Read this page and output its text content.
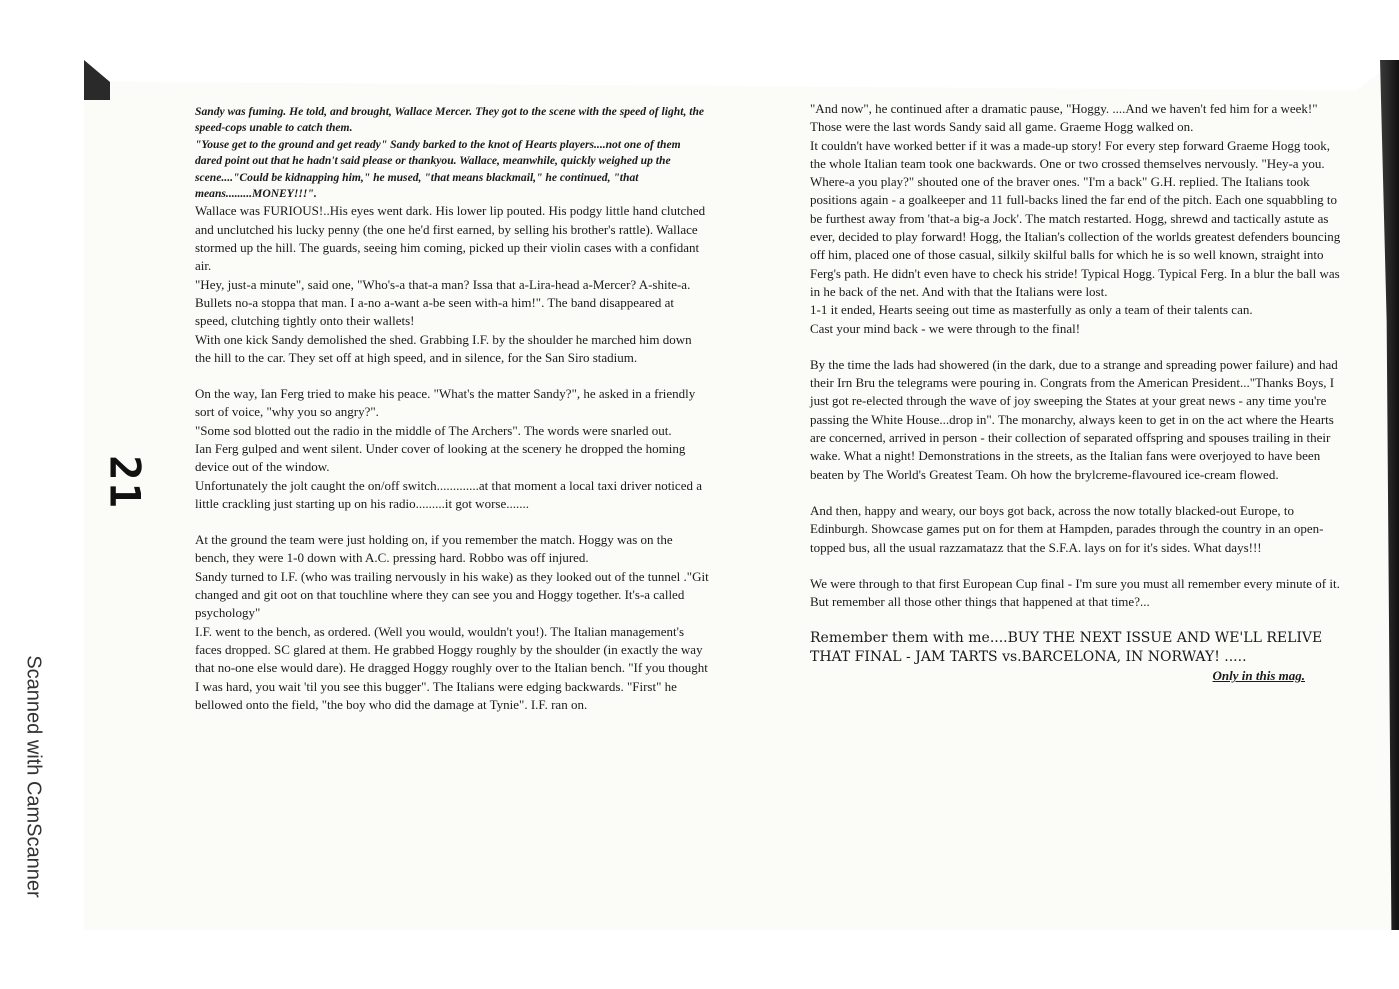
Scanned with CamScanner
21

Sandy was fuming. He told, and brought, Wallace Mercer. They got to the scene with the speed of light, the speed-cops unable to catch them.

"Youse get to the ground and get ready" Sandy barked to the knot of Hearts players....not one of them dared point out that he hadn't said please or thankyou. Wallace, meanwhile, quickly weighed up the scene...."Could be kidnapping him," he mused, "that means blackmail," he continued, "that means.........MONEY!!!".

Wallace was FURIOUS!..His eyes went dark. His lower lip pouted. His podgy little hand clutched and unclutched his lucky penny (the one he'd first earned, by selling his brother's rattle). Wallace stormed up the hill. The guards, seeing him coming, picked up their violin cases with a confidant air.

"Hey, just-a minute", said one, "Who's-a that-a man? Issa that a-Lira-head a-Mercer? A-shite-a. Bullets no-a stoppa that man. I a-no a-want a-be seen with-a him!". The band disappeared at speed, clutching tightly onto their wallets!

With one kick Sandy demolished the shed. Grabbing I.F. by the shoulder he marched him down the hill to the car. They set off at high speed, and in silence, for the San Siro stadium.

On the way, Ian Ferg tried to make his peace. "What's the matter Sandy?", he asked in a friendly sort of voice, "why you so angry?".

"Some sod blotted out the radio in the middle of The Archers". The words were snarled out.

Ian Ferg gulped and went silent. Under cover of looking at the scenery he dropped the homing device out of the window.

Unfortunately the jolt caught the on/off switch.............at that moment a local taxi driver noticed a little crackling just starting up on his radio.........it got worse.......

At the ground the team were just holding on, if you remember the match. Hoggy was on the bench, they were 1-0 down with A.C. pressing hard. Robbo was off injured.

Sandy turned to I.F. (who was trailing nervously in his wake) as they looked out of the tunnel ."Git changed and git oot on that touchline where they can see you and Hoggy together. It's-a called psychology"

I.F. went to the bench, as ordered. (Well you would, wouldn't you!). The Italian management's faces dropped. SC glared at them. He grabbed Hoggy roughly by the shoulder (in exactly the way that no-one else would dare). He dragged Hoggy roughly over to the Italian bench. "If you thought I was hard, you wait 'til you see this bugger". The Italians were edging backwards. "First" he bellowed onto the field, "the boy who did the damage at Tynie". I.F. ran on.

"And now", he continued after a dramatic pause, "Hoggy. ....And we haven't fed him for a week!" Those were the last words Sandy said all game. Graeme Hogg walked on.

It couldn't have worked better if it was a made-up story! For every step forward Graeme Hogg took, the whole Italian team took one backwards. One or two crossed themselves nervously. "Hey-a you. Where-a you play?" shouted one of the braver ones. "I'm a back" G.H. replied. The Italians took positions again - a goalkeeper and 11 full-backs lined the far end of the pitch. Each one squabbling to be furthest away from 'that-a big-a Jock'. The match restarted. Hogg, shrewd and tactically astute as ever, decided to play forward! Hogg, the Italian's collection of the worlds greatest defenders bouncing off him, placed one of those casual, silkily skilful balls for which he is so well known, straight into Ferg's path. He didn't even have to check his stride! Typical Hogg. Typical Ferg. In a blur the ball was in he back of the net. And with that the Italians were lost.

1-1 it ended, Hearts seeing out time as masterfully as only a team of their talents can.

Cast your mind back - we were through to the final!

By the time the lads had showered (in the dark, due to a strange and spreading power failure) and had their Irn Bru the telegrams were pouring in. Congrats from the American President..."Thanks Boys, I just got re-elected through the wave of joy sweeping the States at your great news - any time you're passing the White House...drop in". The monarchy, always keen to get in on the act where the Hearts are concerned, arrived in person - their collection of separated offspring and spouses trailing in their wake. What a night! Demonstrations in the streets, as the Italian fans were overjoyed to have been beaten by The World's Greatest Team. Oh how the brylcreme-flavoured ice-cream flowed.

And then, happy and weary, our boys got back, across the now totally blacked-out Europe, to Edinburgh. Showcase games put on for them at Hampden, parades through the country in an open-topped bus, all the usual razzamatazz that the S.F.A. lays on for it's sides. What days!!!

We were through to that first European Cup final - I'm sure you must all remember every minute of it. But remember all those other things that happened at that time?...

Remember them with me....BUY THE NEXT ISSUE AND WE'LL RELIVE THAT FINAL - JAM TARTS vs.BARCELONA, IN NORWAY! .....

Only in this mag.
